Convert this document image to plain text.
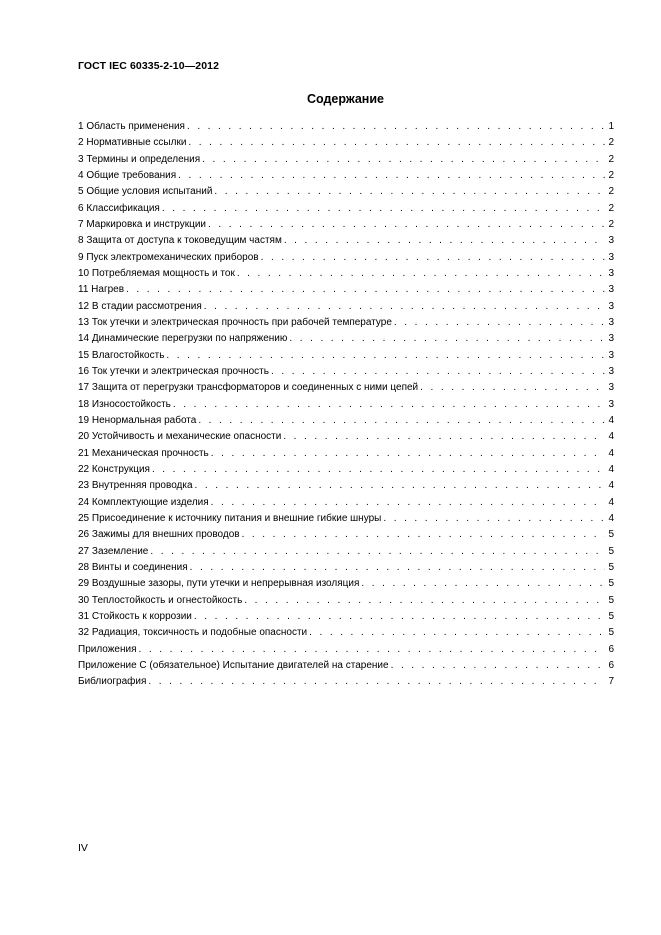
ГОСТ IEC 60335-2-10—2012
Содержание
1 Область применения . . .	1
2 Нормативные ссылки . . .	2
3 Термины и определения . . .	2
4 Общие требования . . .	2
5 Общие условия испытаний . . .	2
6 Классификация . . .	2
7 Маркировка и инструкции . . .	2
8 Защита от доступа к токоведущим частям . . .	3
9 Пуск электромеханических приборов . . .	3
10 Потребляемая мощность и ток . . .	3
11 Нагрев . . .	3
12 В стадии рассмотрения . . .	3
13 Ток утечки и электрическая прочность при рабочей температуре . . .	3
14 Динамические перегрузки по напряжению . . .	3
15 Влагостойкость . . .	3
16 Ток утечки и электрическая прочность . . .	3
17 Защита от перегрузки трансформаторов и соединенных с ними цепей . . .	3
18 Износостойкость . . .	3
19 Ненормальная работа . . .	4
20 Устойчивость и механические опасности . . .	4
21 Механическая прочность . . .	4
22 Конструкция . . .	4
23 Внутренняя проводка . . .	4
24 Комплектующие изделия . . .	4
25 Присоединение к источнику питания и внешние гибкие шнуры . . .	4
26 Зажимы для внешних проводов . . .	5
27 Заземление . . .	5
28 Винты и соединения . . .	5
29 Воздушные зазоры, пути утечки и непрерывная изоляция . . .	5
30 Теплостойкость и огнестойкость . . .	5
31 Стойкость к коррозии . . .	5
32 Радиация, токсичность и подобные опасности . . .	5
Приложения . . .	6
Приложение С (обязательное) Испытание двигателей на старение . . .	6
Библиография . . .	7
IV
